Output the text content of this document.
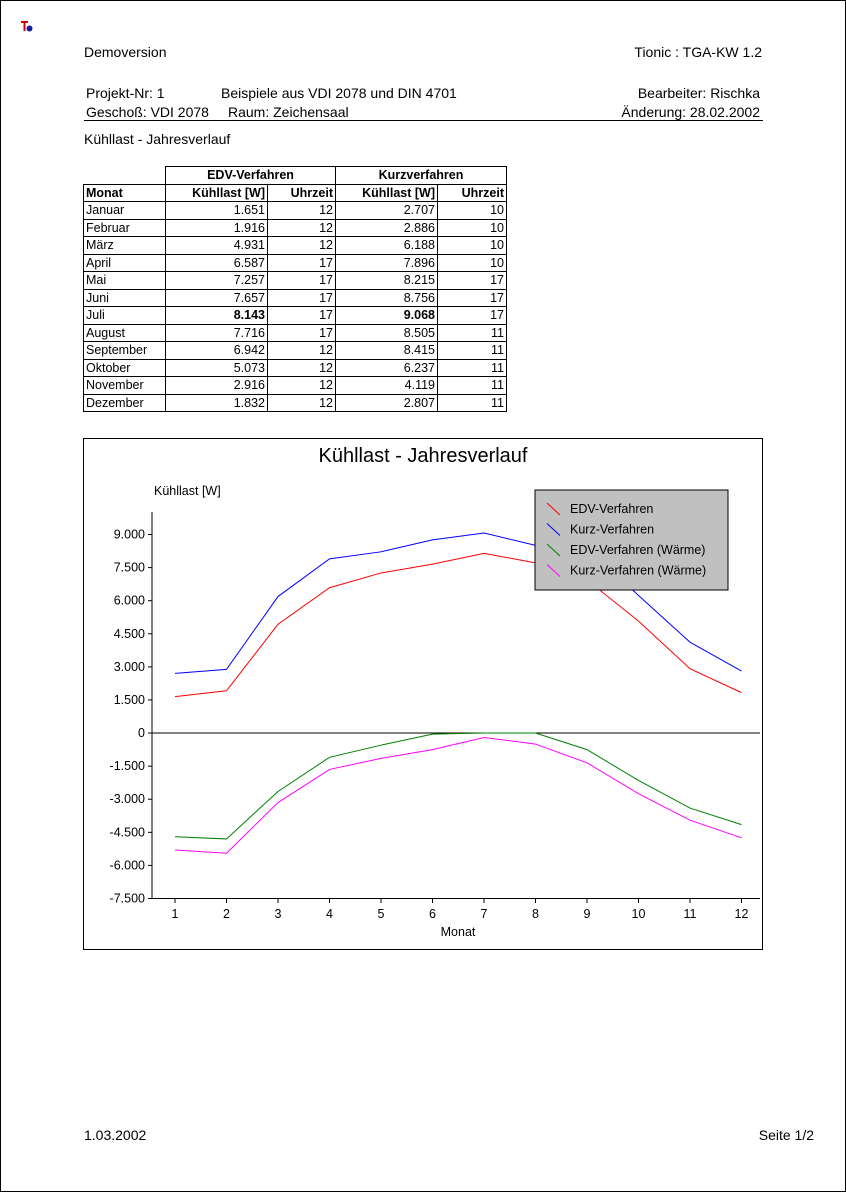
Demoversion	Tionic : TGA-KW 1.2
Projekt-Nr: 1	Beispiele aus VDI 2078 und DIN 4701	Bearbeiter: Rischka
Geschoß: VDI 2078 Raum: Zeichensaal	Änderung: 28.02.2002
Kühllast - Jahresverlauf
	EDV-Verfahren		Kurzverfahren	
Monat	Kühllast [W]	Uhrzeit	Kühllast [W]	Uhrzeit
Januar	1.651	12	2.707	10
Februar	1.916	12	2.886	10
März	4.931	12	6.188	10
April	6.587	17	7.896	10
Mai	7.257	17	8.215	17
Juni	7.657	17	8.756	17
Juli	8.143	17	9.068	17
August	7.716	17	8.505	11
September	6.942	12	8.415	11
Oktober	5.073	12	6.237	11
November	2.916	12	4.119	11
Dezember	1.832	12	2.807	11
Kühllast - Jahresverlauf
Kühllast [W]
Monat
9.000
7.500
6.000
4.500
3.000
1.500
0
-1.500
-3.000
-4.500
-6.000
-7.500
1	2	3	4	5	6	7	8	9	10	11	12
EDV-Verfahren
Kurz-Verfahren
EDV-Verfahren (Wärme)
Kurz-Verfahren (Wärme)
1.03.2002	Seite 1/2
